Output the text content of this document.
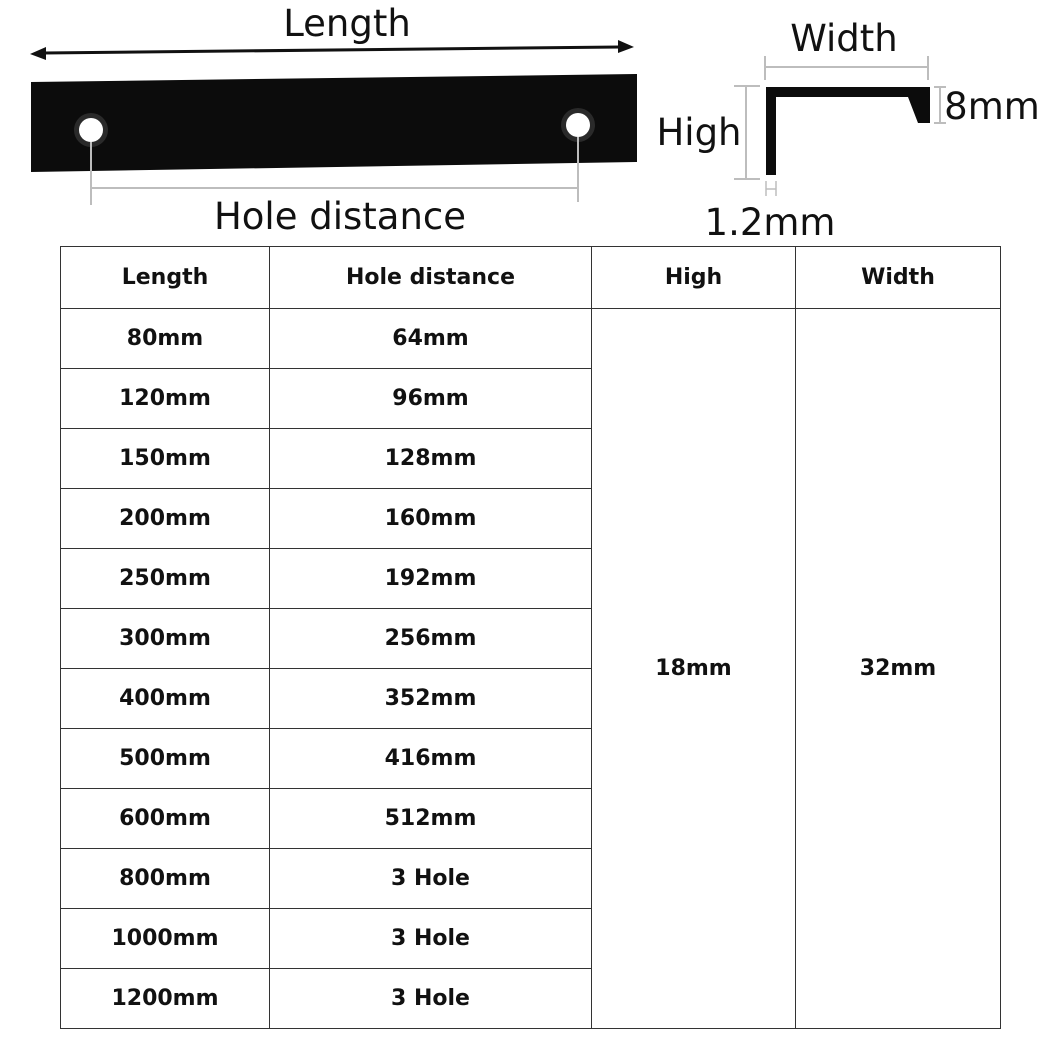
Length
Hole distance
Width
High
8mm
1.2mm
Length	Hole distance	High	Width
80mm	64mm	18mm	32mm
120mm	96mm		
150mm	128mm		
200mm	160mm		
250mm	192mm		
300mm	256mm		
400mm	352mm		
500mm	416mm		
600mm	512mm		
800mm	3 Hole		
1000mm	3 Hole		
1200mm	3 Hole		
